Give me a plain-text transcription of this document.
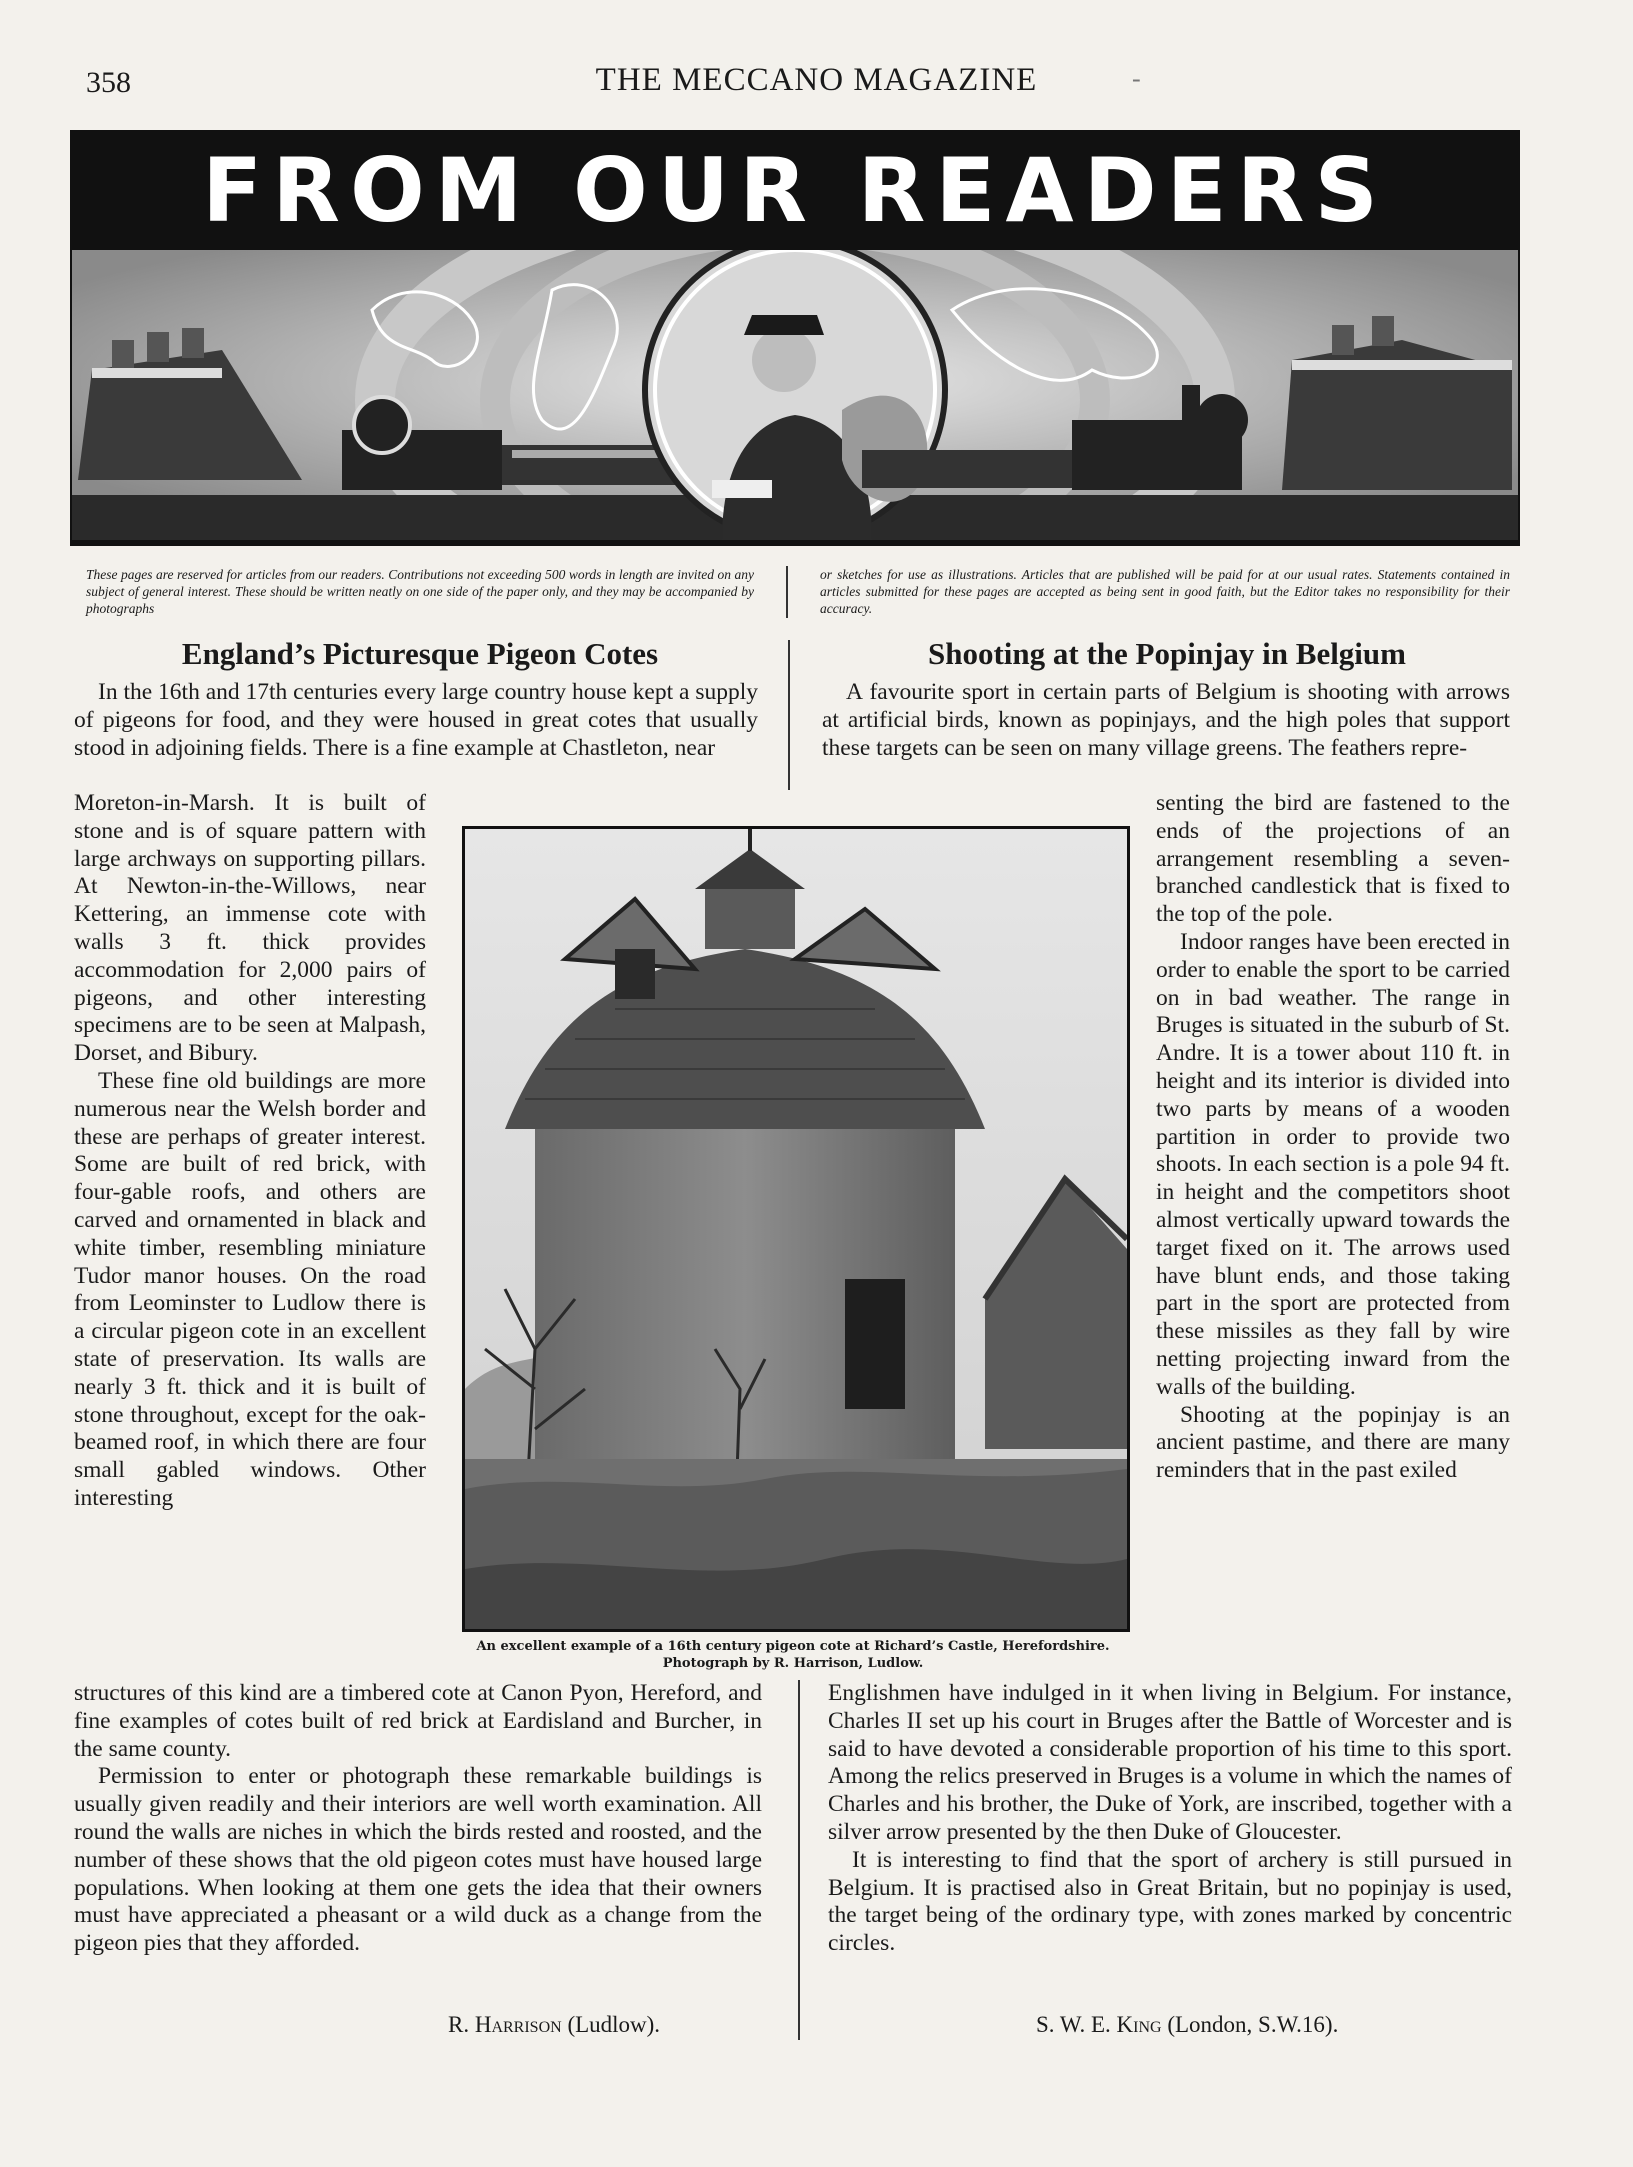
358	THE MECCANO MAGAZINE	-
FROM OUR READERS
These pages are reserved for articles from our readers. Contributions not exceeding 500 words in length are invited on any subject of general interest. These should be written neatly on one side of the paper only, and they may be accompanied by photographs
or sketches for use as illustrations. Articles that are published will be paid for at our usual rates. Statements contained in articles submitted for these pages are accepted as being sent in good faith, but the Editor takes no responsibility for their accuracy.
England’s Picturesque Pigeon Cotes

In the 16th and 17th centuries every large country house kept a supply of pigeons for food, and they were housed in great cotes that usually stood in adjoining fields. There is a fine example at Chastleton, near

Moreton-in-Marsh. It is built of stone and is of square pattern with large archways on supporting pillars. At Newton-in-the-Willows, near Kettering, an immense cote with walls 3 ft. thick provides accommodation for 2,000 pairs of pigeons, and other interesting specimens are to be seen at Malpash, Dorset, and Bibury.

These fine old buildings are more numerous near the Welsh border and these are perhaps of greater interest. Some are built of red brick, with four-gable roofs, and others are carved and ornamented in black and white timber, resembling miniature Tudor manor houses. On the road from Leominster to Ludlow there is a circular pigeon cote in an excellent state of preservation. Its walls are nearly 3 ft. thick and it is built of stone throughout, except for the oak-beamed roof, in which there are four small gabled windows. Other interesting

structures of this kind are a timbered cote at Canon Pyon, Hereford, and fine examples of cotes built of red brick at Eardisland and Burcher, in the same county.

Permission to enter or photograph these remarkable buildings is usually given readily and their interiors are well worth examination. All round the walls are niches in which the birds rested and roosted, and the number of these shows that the old pigeon cotes must have housed large populations. When looking at them one gets the idea that their owners must have appreciated a pheasant or a wild duck as a change from the pigeon pies that they afforded.

R. Harrison (Ludlow).
Shooting at the Popinjay in Belgium

A favourite sport in certain parts of Belgium is shooting with arrows at artificial birds, known as popinjays, and the high poles that support these targets can be seen on many village greens. The feathers repre-

senting the bird are fastened to the ends of the projections of an arrangement resembling a seven-branched candlestick that is fixed to the top of the pole.

Indoor ranges have been erected in order to enable the sport to be carried on in bad weather. The range in Bruges is situated in the suburb of St. Andre. It is a tower about 110 ft. in height and its interior is divided into two parts by means of a wooden partition in order to provide two shoots. In each section is a pole 94 ft. in height and the competitors shoot almost vertically upward towards the target fixed on it. The arrows used have blunt ends, and those taking part in the sport are protected from these missiles as they fall by wire netting projecting inward from the walls of the building.

Shooting at the popinjay is an ancient pastime, and there are many reminders that in the past exiled

Englishmen have indulged in it when living in Belgium. For instance, Charles II set up his court in Bruges after the Battle of Worcester and is said to have devoted a considerable proportion of his time to this sport. Among the relics preserved in Bruges is a volume in which the names of Charles and his brother, the Duke of York, are inscribed, together with a silver arrow presented by the then Duke of Gloucester.

It is interesting to find that the sport of archery is still pursued in Belgium. It is practised also in Great Britain, but no popinjay is used, the target being of the ordinary type, with zones marked by concentric circles.

S. W. E. King (London, S.W.16).
An excellent example of a 16th century pigeon cote at Richard’s Castle, Herefordshire. Photograph by R. Harrison, Ludlow.
